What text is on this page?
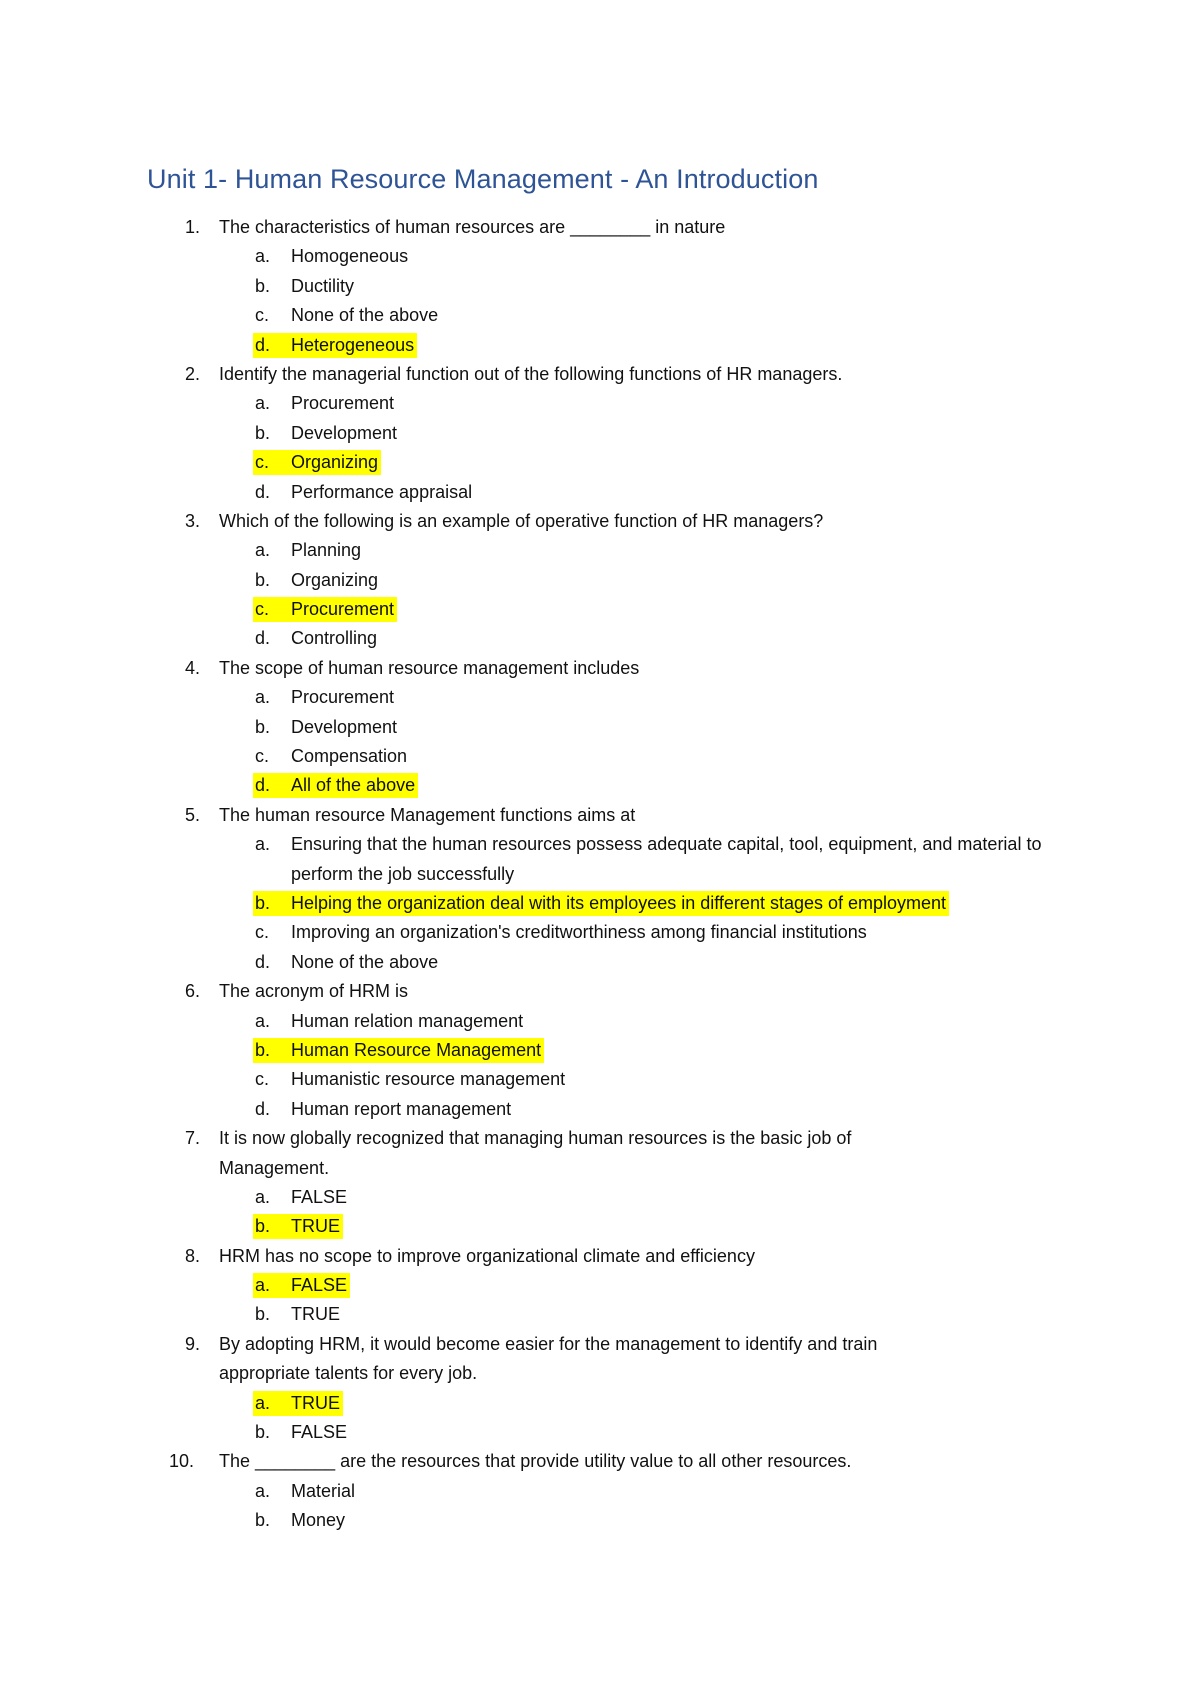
Unit 1- Human Resource Management - An Introduction
1. The characteristics of human resources are ________ in nature
a.	Homogeneous
b.	Ductility
c.	None of the above
d.	Heterogeneous
2. Identify the managerial function out of the following functions of HR managers.
a.	Procurement
b.	Development
c.	Organizing
d.	Performance appraisal
3. Which of the following is an example of operative function of HR managers?
a.	Planning
b.	Organizing
c.	Procurement
d.	Controlling
4. The scope of human resource management includes
a.	Procurement
b.	Development
c.	Compensation
d.	All of the above
5. The human resource Management functions aims at
a.	Ensuring that the human resources possess adequate capital, tool, equipment, and material to perform the job successfully
b.	Helping the organization deal with its employees in different stages of employment
c.	Improving an organization's creditworthiness among financial institutions
d.	None of the above
6. The acronym of HRM is
a.	Human relation management
b.	Human Resource Management
c.	Humanistic resource management
d.	Human report management
7. It is now globally recognized that managing human resources is the basic job of Management.
a.	FALSE
b.	TRUE
8. HRM has no scope to improve organizational climate and efficiency
a.	FALSE
b.	TRUE
9. By adopting HRM, it would become easier for the management to identify and train appropriate talents for every job.
a.	TRUE
b.	FALSE
10. The ________ are the resources that provide utility value to all other resources.
a.	Material
b.	Money
